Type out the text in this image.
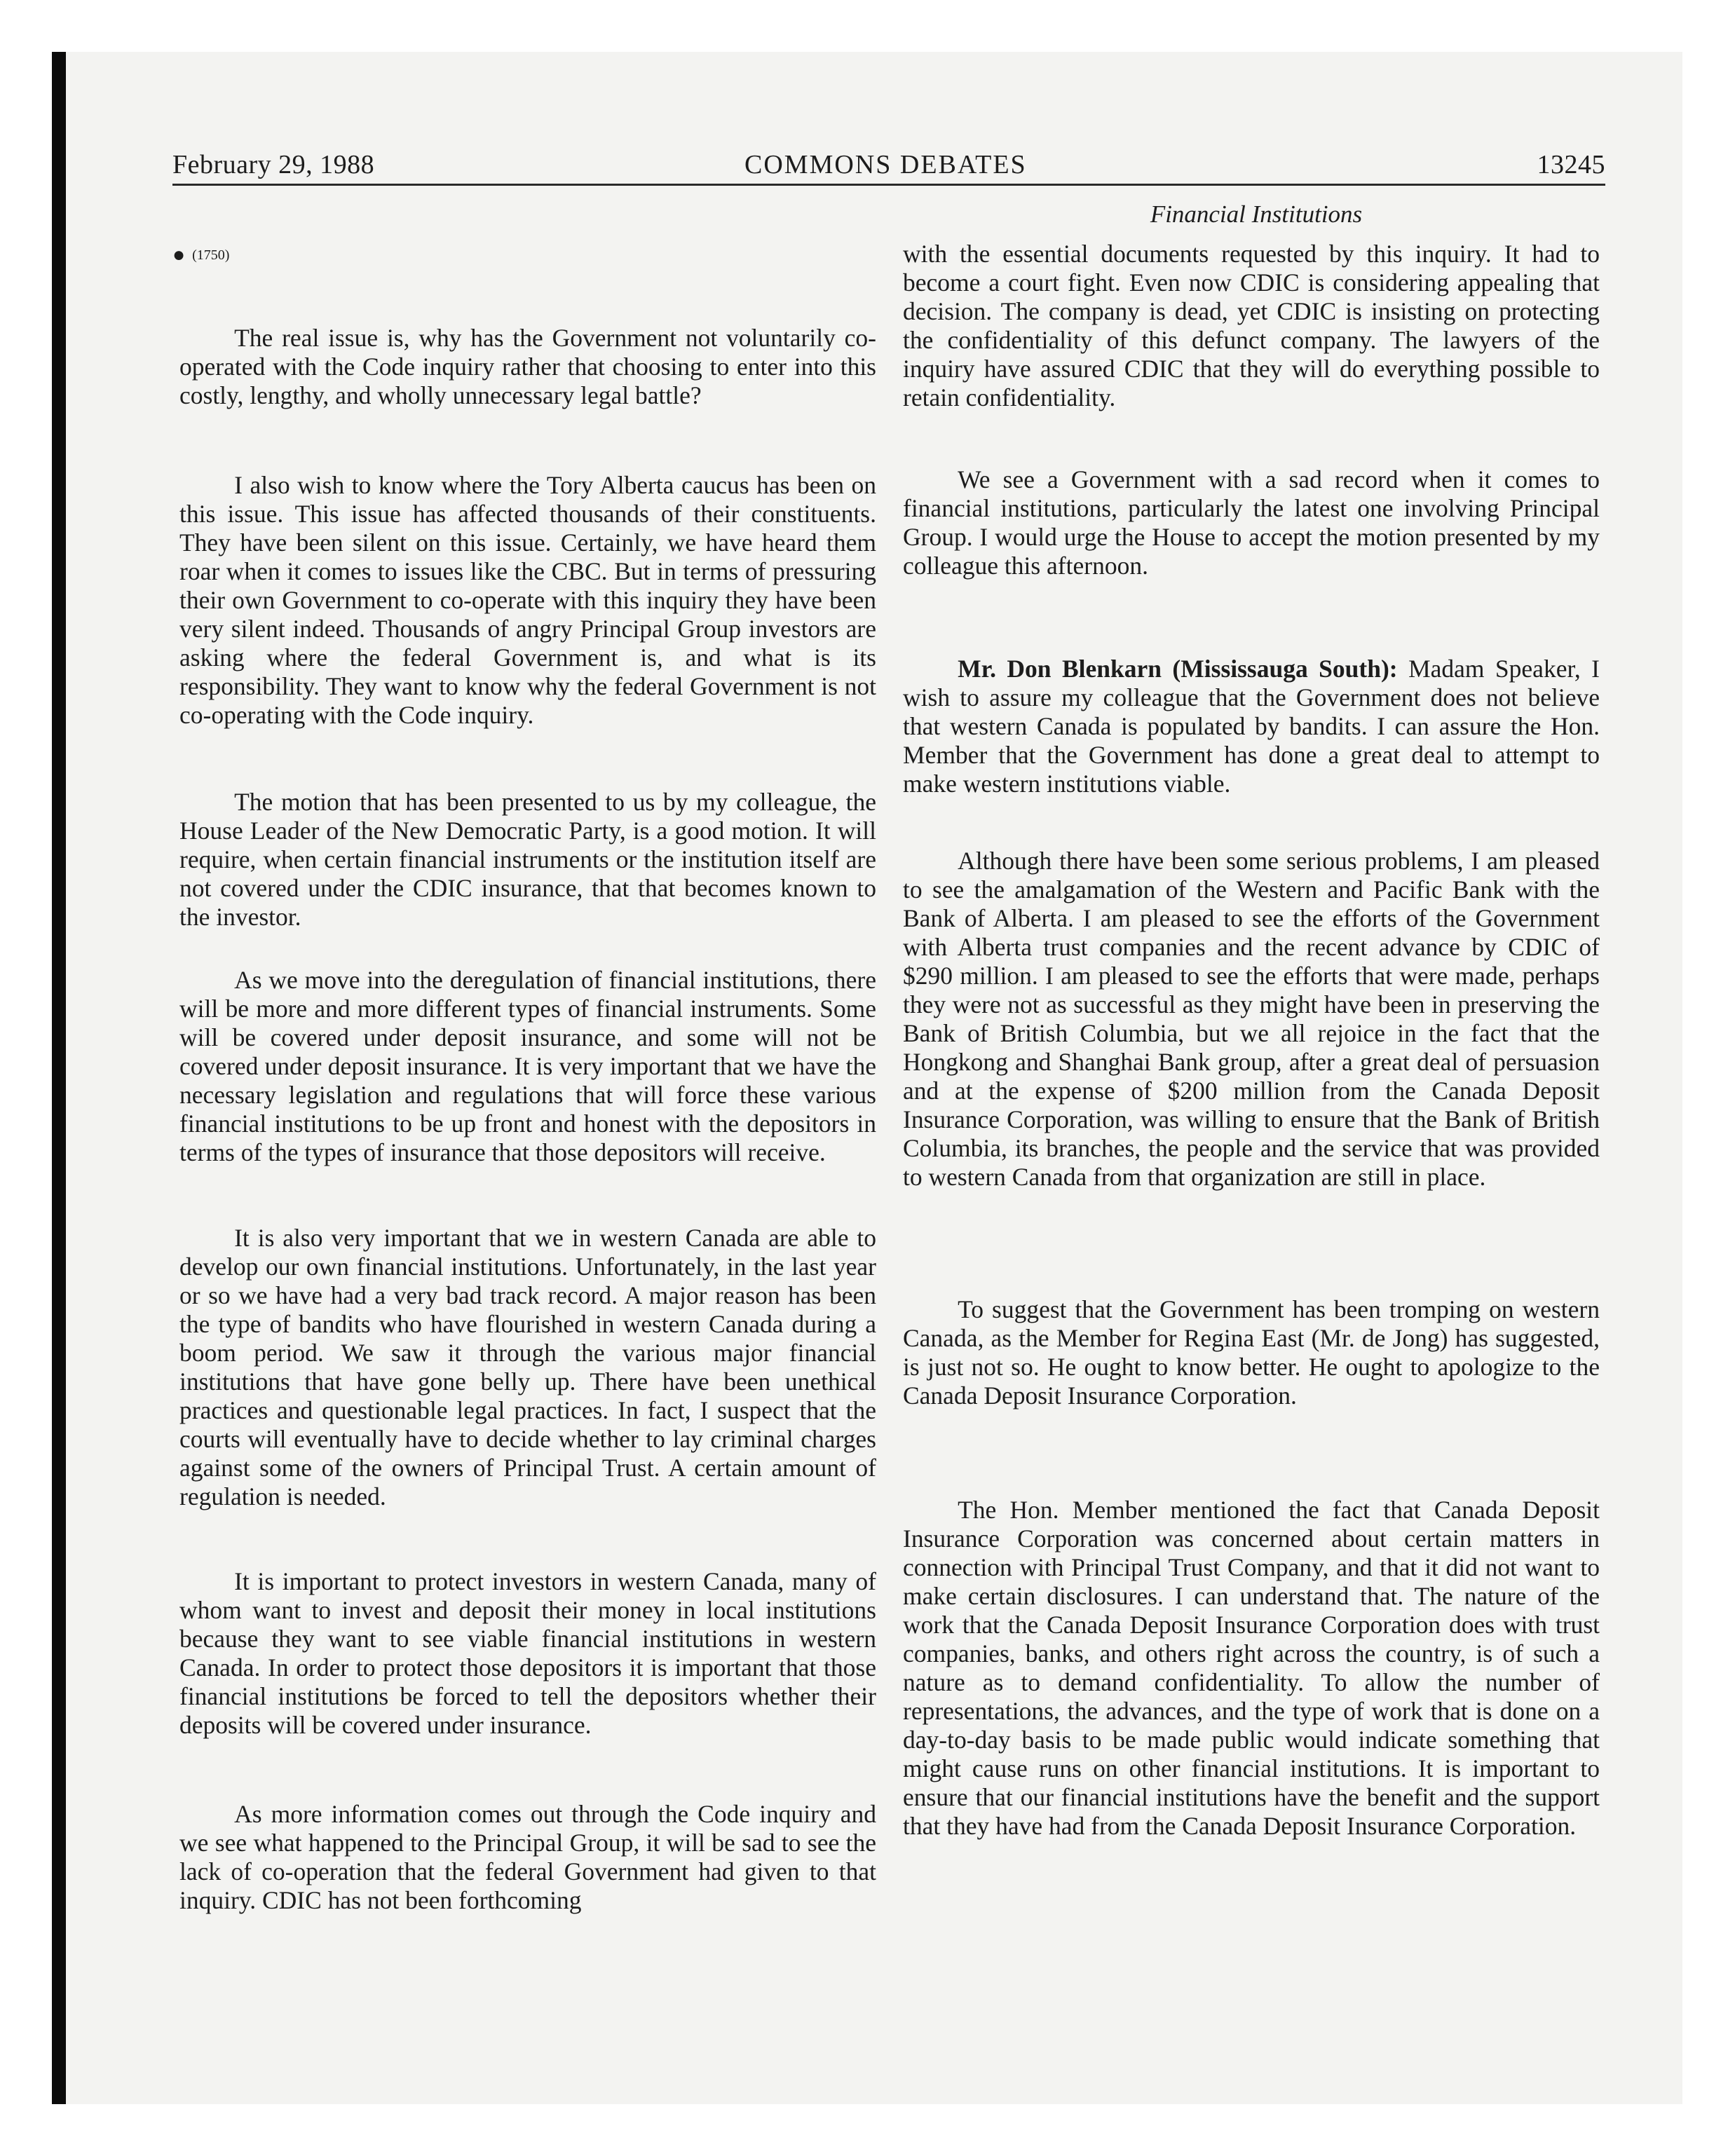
February 29, 1988	COMMONS DEBATES	13245
Financial Institutions
● (1750)

The real issue is, why has the Government not voluntarily co-operated with the Code inquiry rather that choosing to enter into this costly, lengthy, and wholly unnecessary legal battle?

I also wish to know where the Tory Alberta caucus has been on this issue. This issue has affected thousands of their constituents. They have been silent on this issue. Certainly, we have heard them roar when it comes to issues like the CBC. But in terms of pressuring their own Government to co-operate with this inquiry they have been very silent indeed. Thousands of angry Principal Group investors are asking where the federal Government is, and what is its responsibility. They want to know why the federal Government is not co-operating with the Code inquiry.

The motion that has been presented to us by my colleague, the House Leader of the New Democratic Party, is a good motion. It will require, when certain financial instruments or the institution itself are not covered under the CDIC insurance, that that becomes known to the investor.

As we move into the deregulation of financial institutions, there will be more and more different types of financial instruments. Some will be covered under deposit insurance, and some will not be covered under deposit insurance. It is very important that we have the necessary legislation and regulations that will force these various financial institutions to be up front and honest with the depositors in terms of the types of insurance that those depositors will receive.

It is also very important that we in western Canada are able to develop our own financial institutions. Unfortunately, in the last year or so we have had a very bad track record. A major reason has been the type of bandits who have flourished in western Canada during a boom period. We saw it through the various major financial institutions that have gone belly up. There have been unethical practices and questionable legal practices. In fact, I suspect that the courts will eventually have to decide whether to lay criminal charges against some of the owners of Principal Trust. A certain amount of regulation is needed.

It is important to protect investors in western Canada, many of whom want to invest and deposit their money in local institutions because they want to see viable financial institutions in western Canada. In order to protect those depositors it is important that those financial institutions be forced to tell the depositors whether their deposits will be covered under insurance.

As more information comes out through the Code inquiry and we see what happened to the Principal Group, it will be sad to see the lack of co-operation that the federal Government had given to that inquiry. CDIC has not been forthcoming

with the essential documents requested by this inquiry. It had to become a court fight. Even now CDIC is considering appealing that decision. The company is dead, yet CDIC is insisting on protecting the confidentiality of this defunct company. The lawyers of the inquiry have assured CDIC that they will do everything possible to retain confidentiality.

We see a Government with a sad record when it comes to financial institutions, particularly the latest one involving Principal Group. I would urge the House to accept the motion presented by my colleague this afternoon.

Mr. Don Blenkarn (Mississauga South): Madam Speaker, I wish to assure my colleague that the Government does not believe that western Canada is populated by bandits. I can assure the Hon. Member that the Government has done a great deal to attempt to make western institutions viable.

Although there have been some serious problems, I am pleased to see the amalgamation of the Western and Pacific Bank with the Bank of Alberta. I am pleased to see the efforts of the Government with Alberta trust companies and the recent advance by CDIC of $290 million. I am pleased to see the efforts that were made, perhaps they were not as successful as they might have been in preserving the Bank of British Columbia, but we all rejoice in the fact that the Hongkong and Shanghai Bank group, after a great deal of persuasion and at the expense of $200 million from the Canada Deposit Insurance Corporation, was willing to ensure that the Bank of British Columbia, its branches, the people and the service that was provided to western Canada from that organization are still in place.

To suggest that the Government has been tromping on western Canada, as the Member for Regina East (Mr. de Jong) has suggested, is just not so. He ought to know better. He ought to apologize to the Canada Deposit Insurance Corporation.

The Hon. Member mentioned the fact that Canada Deposit Insurance Corporation was concerned about certain matters in connection with Principal Trust Company, and that it did not want to make certain disclosures. I can understand that. The nature of the work that the Canada Deposit Insurance Corporation does with trust companies, banks, and others right across the country, is of such a nature as to demand confidentiality. To allow the number of representations, the advances, and the type of work that is done on a day-to-day basis to be made public would indicate something that might cause runs on other financial institutions. It is important to ensure that our financial institutions have the benefit and the support that they have had from the Canada Deposit Insurance Corporation.
